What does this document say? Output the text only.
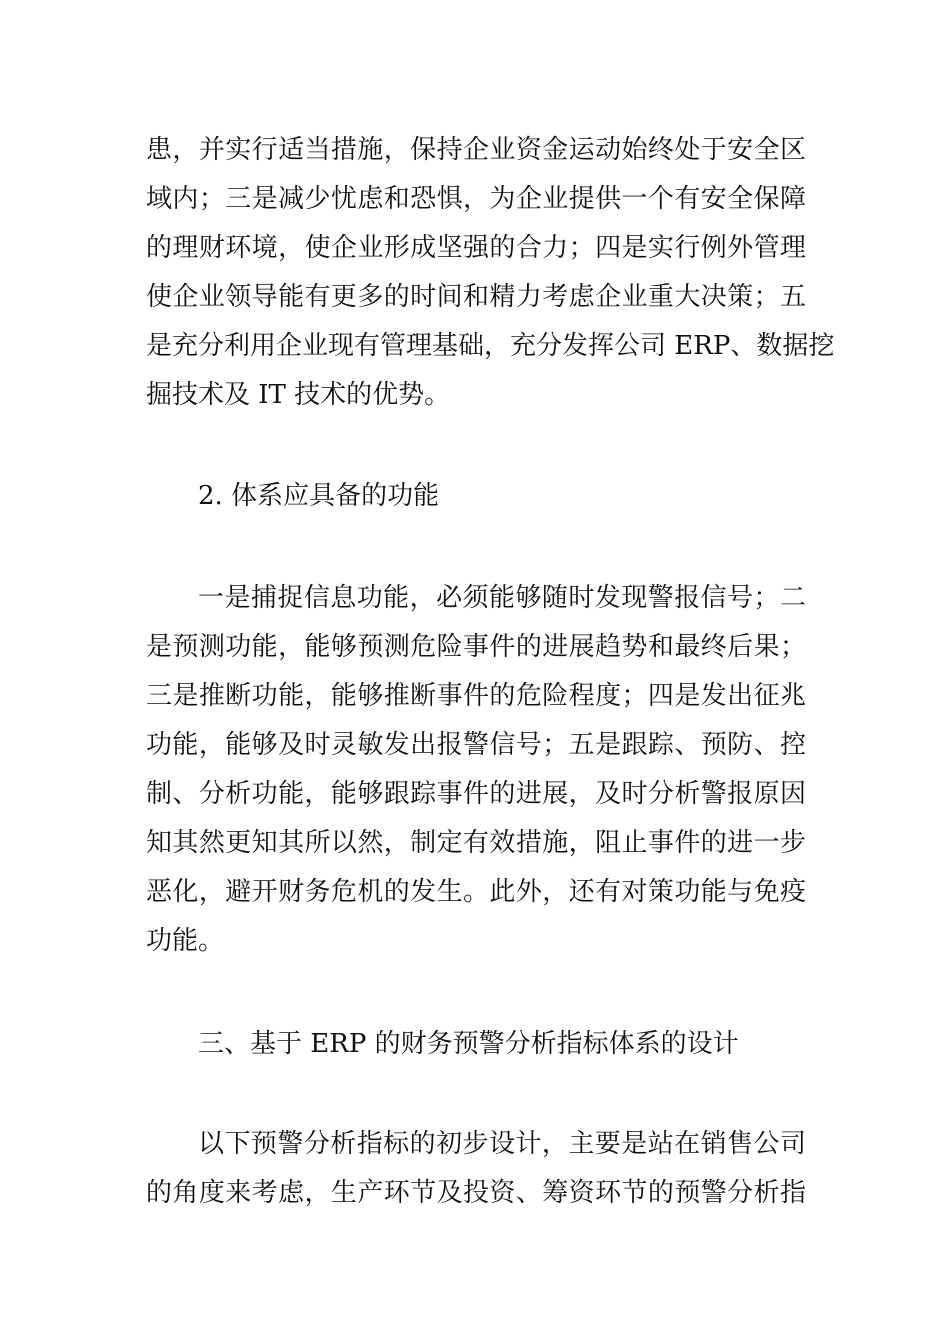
患，并实行适当措施，保持企业资金运动始终处于安全区
域内；三是减少忧虑和恐惧，为企业提供一个有安全保障
的理财环境，使企业形成坚强的合力；四是实行例外管理
使企业领导能有更多的时间和精力考虑企业重大决策；五
是充分利用企业现有管理基础，充分发挥公司 ERP、数据挖
掘技术及 IT 技术的优势。
2. 体系应具备的功能
一是捕捉信息功能，必须能够随时发现警报信号；二
是预测功能，能够预测危险事件的进展趋势和最终后果；
三是推断功能，能够推断事件的危险程度；四是发出征兆
功能，能够及时灵敏发出报警信号；五是跟踪、预防、控
制、分析功能，能够跟踪事件的进展，及时分析警报原因
知其然更知其所以然，制定有效措施，阻止事件的进一步
恶化，避开财务危机的发生。此外，还有对策功能与免疫
功能。
三、基于 ERP 的财务预警分析指标体系的设计
以下预警分析指标的初步设计，主要是站在销售公司
的角度来考虑，生产环节及投资、筹资环节的预警分析指
